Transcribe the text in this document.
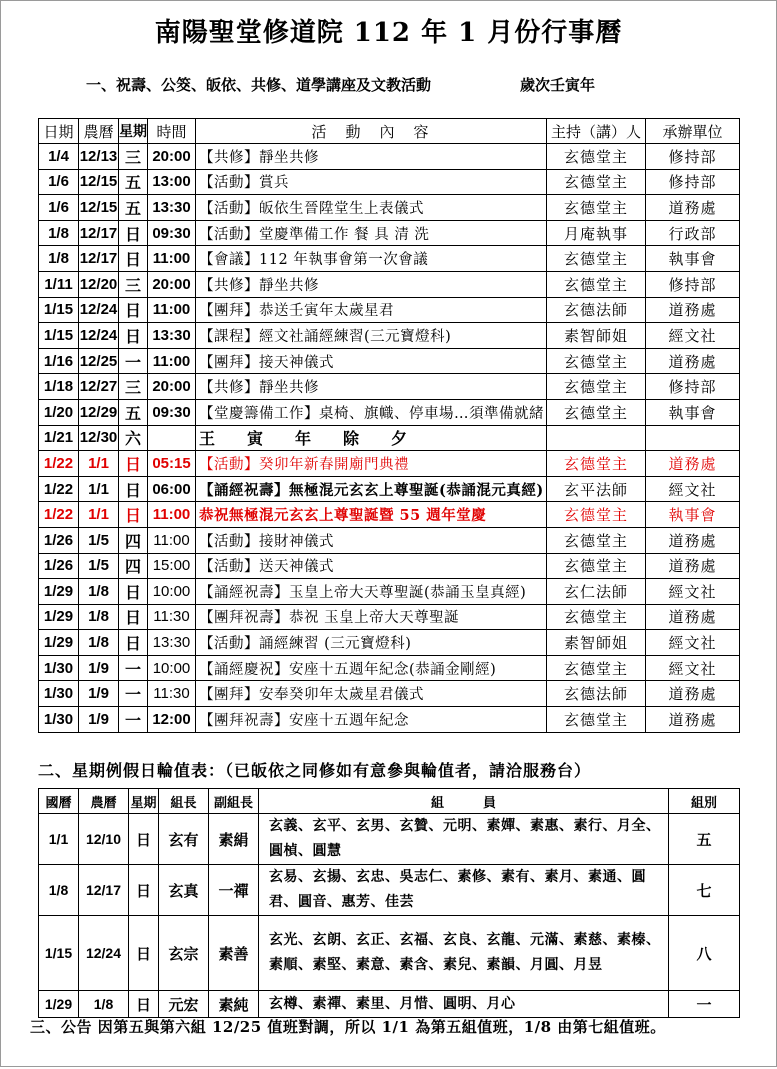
南陽聖堂修道院 112 年 1 月份行事曆
一、祝壽、公筊、皈依、共修、道學講座及文教活動	歲次壬寅年
日期	農曆	星期	時間	活　動　內　容	主持（講）人	承辦單位
1/4	12/13	三	20:00	【共修】靜坐共修	玄德堂主	修持部
1/6	12/15	五	13:00	【活動】賞兵	玄德堂主	修持部
1/6	12/15	五	13:30	【活動】皈依生晉陞堂生上表儀式	玄德堂主	道務處
1/8	12/17	日	09:30	【活動】堂慶準備工作 餐 具 清 洗	月庵執事	行政部
1/8	12/17	日	11:00	【會議】112 年執事會第一次會議	玄德堂主	執事會
1/11	12/20	三	20:00	【共修】靜坐共修	玄德堂主	修持部
1/15	12/24	日	11:00	【團拜】恭送壬寅年太歲星君	玄德法師	道務處
1/15	12/24	日	13:30	【課程】經文社誦經練習(三元寶燈科)	素智師姐	經文社
1/16	12/25	一	11:00	【團拜】接天神儀式	玄德堂主	道務處
1/18	12/27	三	20:00	【共修】靜坐共修	玄德堂主	修持部
1/20	12/29	五	09:30	【堂慶籌備工作】桌椅、旗幟、停車場…須準備就緒	玄德堂主	執事會
1/21	12/30	六		王　　寅　　年　　除　　夕		
1/22	1/1	日	05:15	【活動】癸卯年新春開廟門典禮	玄德堂主	道務處
1/22	1/1	日	06:00	【誦經祝壽】無極混元玄玄上尊聖誕(恭誦混元真經)	玄平法師	經文社
1/22	1/1	日	11:00	恭祝無極混元玄玄上尊聖誕暨 55 週年堂慶	玄德堂主	執事會
1/26	1/5	四	11:00	【活動】接財神儀式	玄德堂主	道務處
1/26	1/5	四	15:00	【活動】送天神儀式	玄德堂主	道務處
1/29	1/8	日	10:00	【誦經祝壽】玉皇上帝大天尊聖誕(恭誦玉皇真經)	玄仁法師	經文社
1/29	1/8	日	11:30	【團拜祝壽】恭祝 玉皇上帝大天尊聖誕	玄德堂主	道務處
1/29	1/8	日	13:30	【活動】誦經練習 (三元寶燈科)	素智師姐	經文社
1/30	1/9	一	10:00	【誦經慶祝】安座十五週年紀念(恭誦金剛經)	玄德堂主	經文社
1/30	1/9	一	11:30	【團拜】安奉癸卯年太歲星君儀式	玄德法師	道務處
1/30	1/9	一	12:00	【團拜祝壽】安座十五週年紀念	玄德堂主	道務處
二、星期例假日輪值表：（已皈依之同修如有意參與輪值者，請洽服務台）
國曆	農曆	星期	組長	副組長	組　　　員	組別
1/1	12/10	日	玄有	素絹	玄義、玄平、玄男、玄贊、元明、素嬋、素惠、素行、月全、圓楨、圓慧	五
1/8	12/17	日	玄真	一禪	玄易、玄揚、玄忠、吳志仁、素修、素有、素月、素通、圓君、圓音、惠芳、佳芸	七
1/15	12/24	日	玄宗	素善	玄光、玄朗、玄正、玄福、玄良、玄龍、元滿、素慈、素榛、素順、素堅、素意、素含、素兒、素韻、月圓、月昱	八
1/29	1/8	日	元宏	素純	玄樽、素禪、素里、月惜、圓明、月心	一
三、公告 因第五與第六組 12/25 值班對調，所以 1/1 為第五組值班，1/8 由第七組值班。
